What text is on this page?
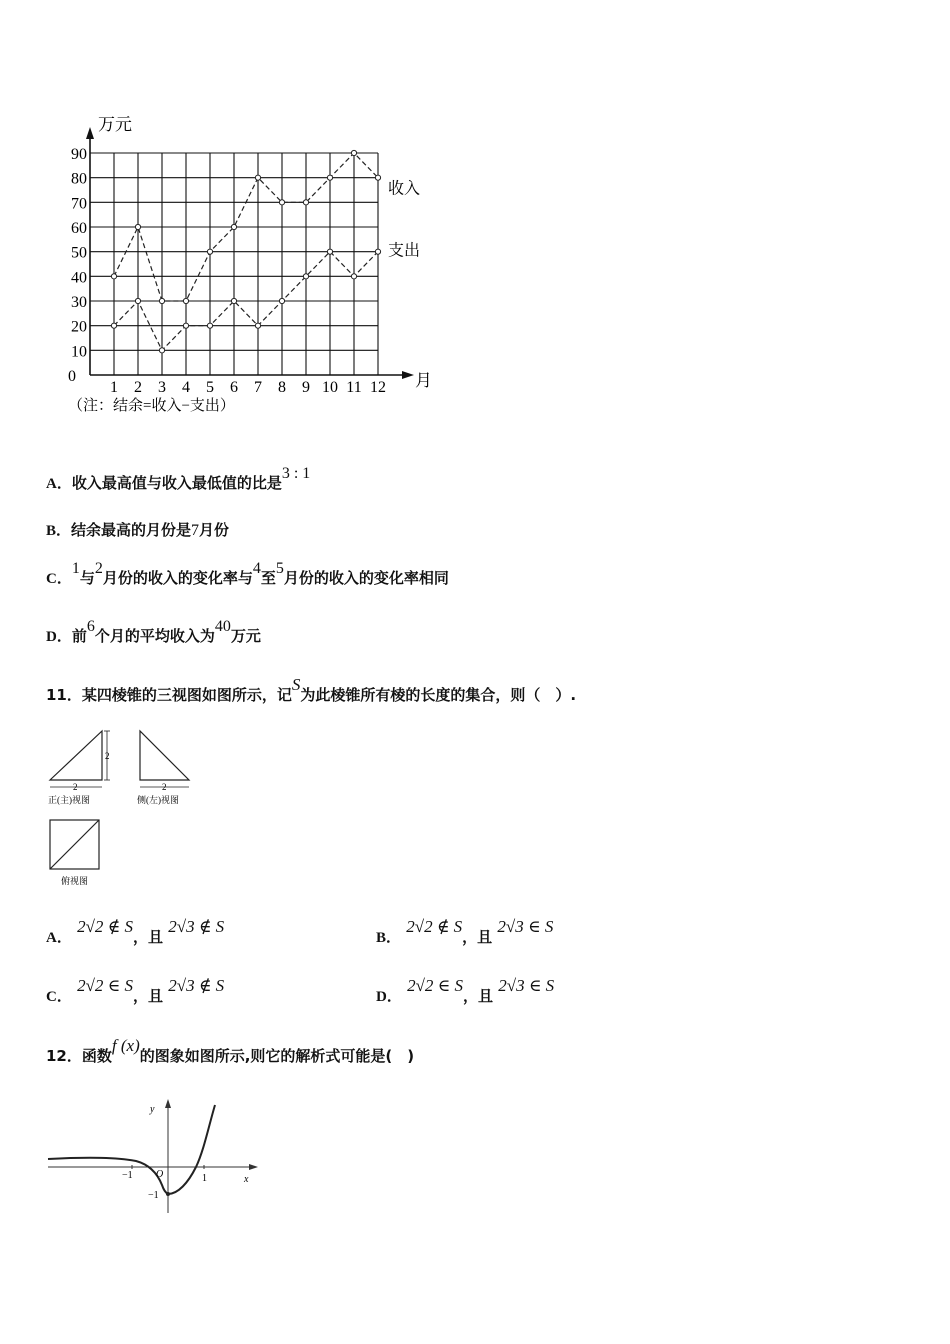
0
10
20
30
40
50
60
70
80
90
1 2 3 4 5 6 7 8 9 10 11 12
万元
月
收入
支出
（注：结余=收入−支出）
A．收入最高值与收入最低值的比是3 : 1
B．结余最高的月份是7月份
C．1与2月份的收入的变化率与4至5月份的收入的变化率相同
D．前6个月的平均收入为40万元
11．某四棱锥的三视图如图所示，记S为此棱锥所有棱的长度的集合，则（　）.
2
2
正(主)视图
2
侧(左)视图
俯视图
A． 2√2 ∉ S，且 2√3 ∉ S
B． 2√2 ∉ S，且 2√3 ∈ S
C． 2√2 ∈ S，且 2√3 ∉ S
D． 2√2 ∈ S，且 2√3 ∈ S
12．函数f (x)的图象如图所示,则它的解析式可能是(　)
y
x
O
−1	1
−1
